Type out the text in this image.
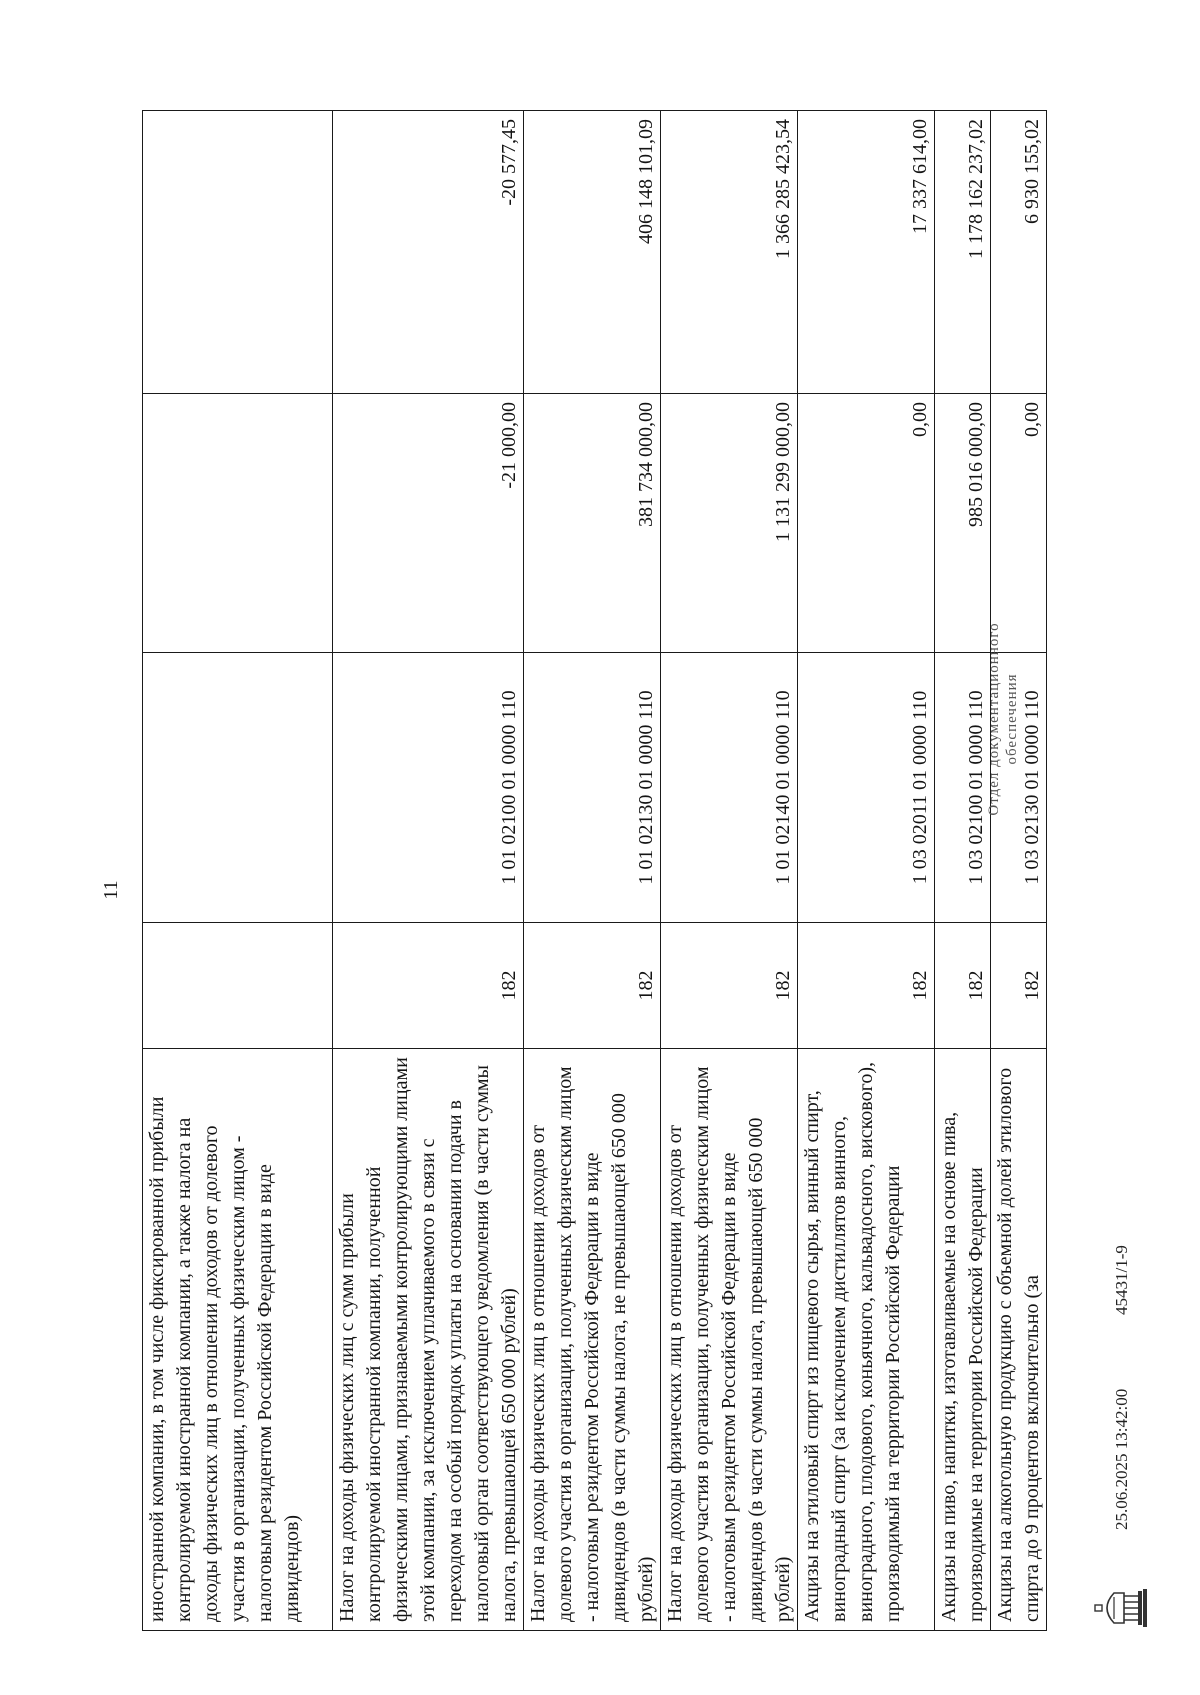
11
иностранной компании, в том числе фиксированной прибыли контролируемой иностранной компании, а также налога на доходы физических лиц в отношении доходов от долевого участия в организации, полученных физическим лицом - налоговым резидентом Российской Федерации в виде дивидендов)				
Налог на доходы физических лиц с сумм прибыли контролируемой иностранной компании, полученной физическими лицами, признаваемыми контролирующими лицами этой компании, за исключением уплачиваемого в связи с переходом на особый порядок уплаты на основании подачи в налоговый орган соответствующего уведомления (в части суммы налога, превышающей 650 000 рублей)	182	1 01 02100 01 0000 110	-21 000,00	-20 577,45
Налог на доходы физических лиц в отношении доходов от долевого участия в организации, полученных физическим лицом - налоговым резидентом Российской Федерации в виде дивидендов (в части суммы налога, не превышающей 650 000 рублей)	182	1 01 02130 01 0000 110	381 734 000,00	406 148 101,09
Налог на доходы физических лиц в отношении доходов от долевого участия в организации, полученных физическим лицом - налоговым резидентом Российской Федерации в виде дивидендов (в части суммы налога, превышающей 650 000 рублей)	182	1 01 02140 01 0000 110	1 131 299 000,00	1 366 285 423,54
Акцизы на этиловый спирт из пищевого сырья, винный спирт, виноградный спирт (за исключением дистиллятов винного, виноградного, плодового, коньячного, кальвадосного, вискового), производимый на территории Российской Федерации	182	1 03 02011 01 0000 110	0,00	17 337 614,00
Акцизы на пиво, напитки, изготавливаемые на основе пива, производимые на территории Российской Федерации	182	1 03 02100 01 0000 110	985 016 000,00	1 178 162 237,02
Акцизы на алкогольную продукцию с объемной долей этилового спирта до 9 процентов включительно (за	182	1 03 02130 01 0000 110	0,00	6 930 155,02
Отдел документационного обеспечения
25.06.2025 13:42:00
45431/1-9
